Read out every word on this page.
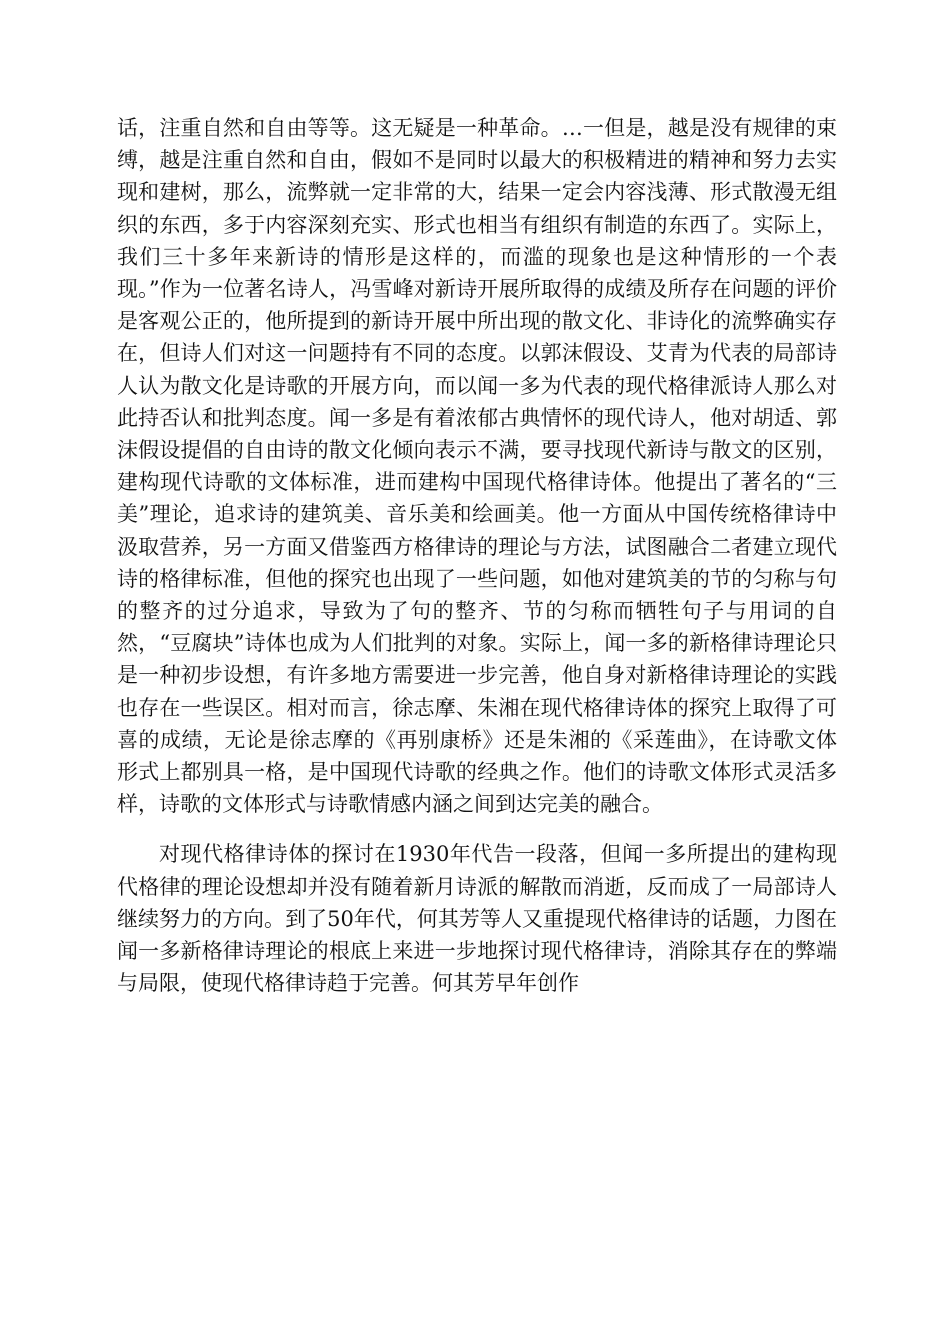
话，注重自然和自由等等。这无疑是一种革命。…一但是，越是没有规律的束缚，越是注重自然和自由，假如不是同时以最大的积极精进的精神和努力去实现和建树，那么，流弊就一定非常的大，结果一定会内容浅薄、形式散漫无组织的东西，多于内容深刻充实、形式也相当有组织有制造的东西了。实际上，我们三十多年来新诗的情形是这样的，而滥的现象也是这种情形的一个表现。”作为一位著名诗人，冯雪峰对新诗开展所取得的成绩及所存在问题的评价是客观公正的，他所提到的新诗开展中所出现的散文化、非诗化的流弊确实存在，但诗人们对这一问题持有不同的态度。以郭沫假设、艾青为代表的局部诗人认为散文化是诗歌的开展方向，而以闻一多为代表的现代格律派诗人那么对此持否认和批判态度。闻一多是有着浓郁古典情怀的现代诗人，他对胡适、郭沫假设提倡的自由诗的散文化倾向表示不满，要寻找现代新诗与散文的区别，建构现代诗歌的文体标准，进而建构中国现代格律诗体。他提出了著名的“三美”理论，追求诗的建筑美、音乐美和绘画美。他一方面从中国传统格律诗中汲取营养，另一方面又借鉴西方格律诗的理论与方法，试图融合二者建立现代诗的格律标准，但他的探究也出现了一些问题，如他对建筑美的节的匀称与句的整齐的过分追求，导致为了句的整齐、节的匀称而牺牲句子与用词的自然，“豆腐块”诗体也成为人们批判的对象。实际上，闻一多的新格律诗理论只是一种初步设想，有许多地方需要进一步完善，他自身对新格律诗理论的实践也存在一些误区。相对而言，徐志摩、朱湘在现代格律诗体的探究上取得了可喜的成绩，无论是徐志摩的《再别康桥》还是朱湘的《采莲曲》，在诗歌文体形式上都别具一格，是中国现代诗歌的经典之作。他们的诗歌文体形式灵活多样，诗歌的文体形式与诗歌情感内涵之间到达完美的融合。

对现代格律诗体的探讨在1930年代告一段落，但闻一多所提出的建构现代格律的理论设想却并没有随着新月诗派的解散而消逝，反而成了一局部诗人继续努力的方向。到了50年代，何其芳等人又重提现代格律诗的话题，力图在闻一多新格律诗理论的根底上来进一步地探讨现代格律诗，消除其存在的弊端与局限，使现代格律诗趋于完善。何其芳早年创作
